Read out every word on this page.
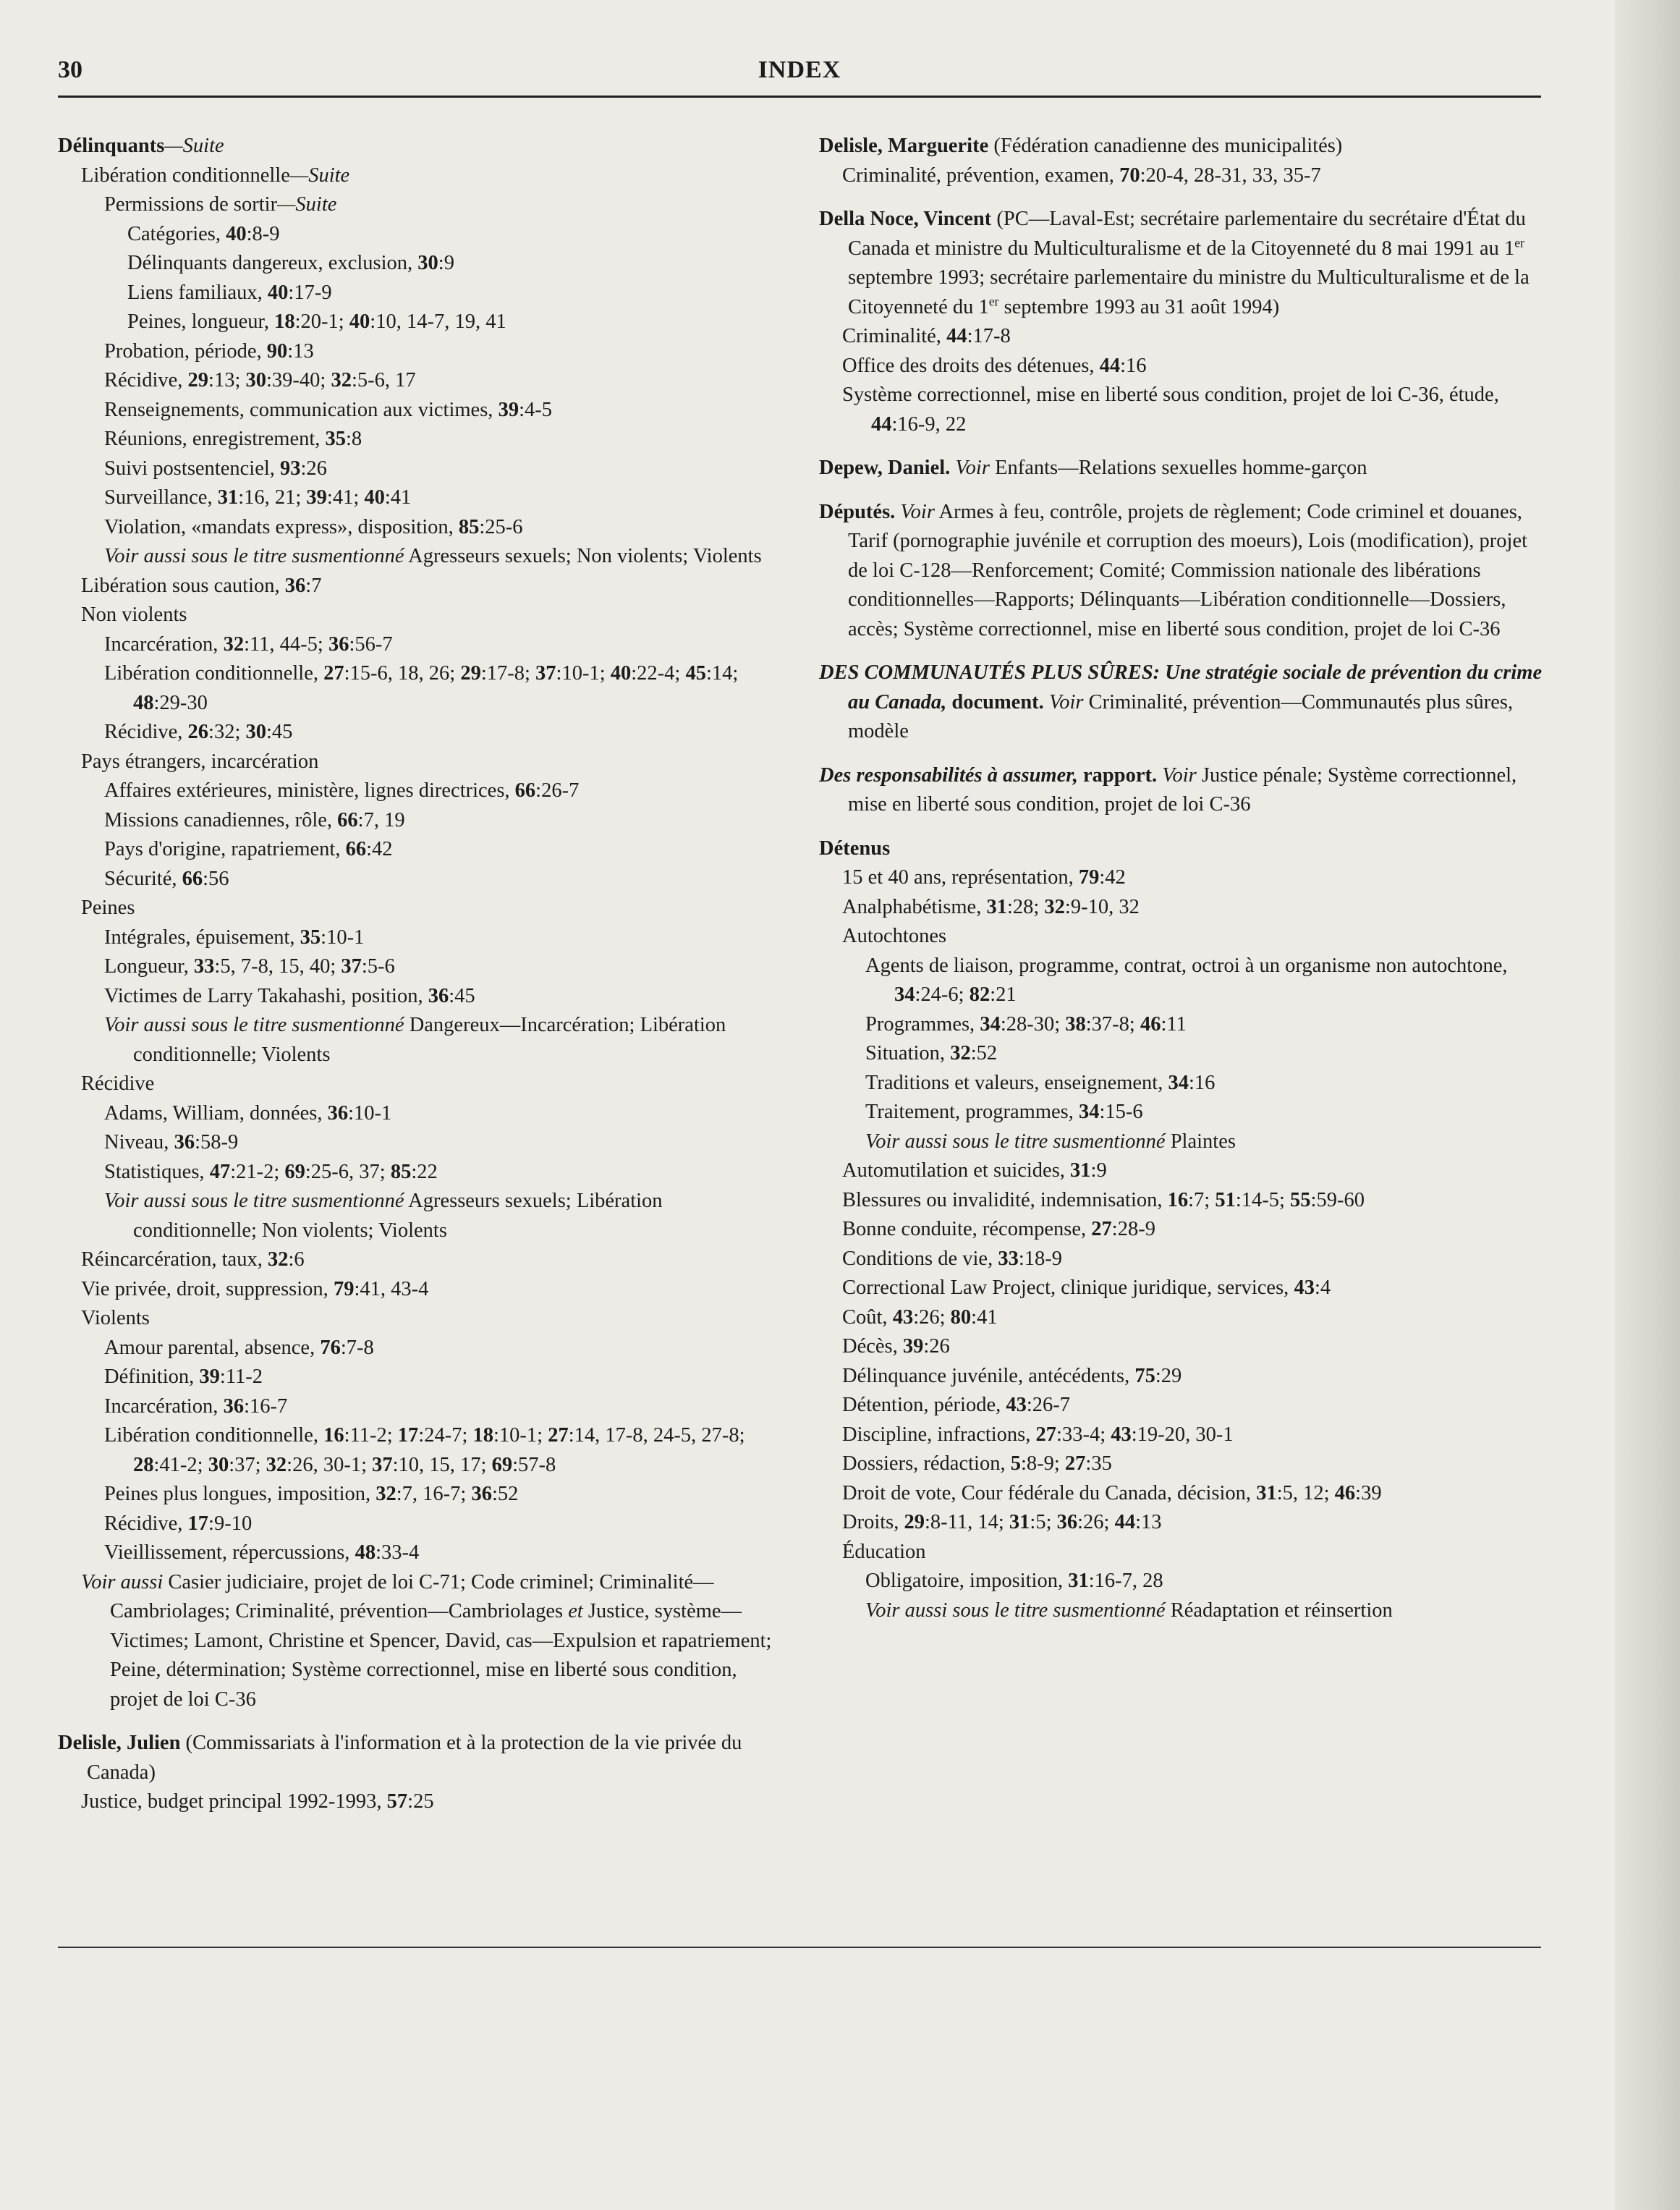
30	INDEX

Délinquants—Suite

Libération conditionnelle—Suite

Permissions de sortir—Suite

Catégories, 40:8-9

Délinquants dangereux, exclusion, 30:9

Liens familiaux, 40:17-9

Peines, longueur, 18:20-1; 40:10, 14-7, 19, 41

Probation, période, 90:13

Récidive, 29:13; 30:39-40; 32:5-6, 17

Renseignements, communication aux victimes, 39:4-5

Réunions, enregistrement, 35:8

Suivi postsentenciel, 93:26

Surveillance, 31:16, 21; 39:41; 40:41

Violation, «mandats express», disposition, 85:25-6

Voir aussi sous le titre susmentionné Agresseurs sexuels; Non violents; Violents

Libération sous caution, 36:7

Non violents

Incarcération, 32:11, 44-5; 36:56-7

Libération conditionnelle, 27:15-6, 18, 26; 29:17-8; 37:10-1; 40:22-4; 45:14; 48:29-30

Récidive, 26:32; 30:45

Pays étrangers, incarcération

Affaires extérieures, ministère, lignes directrices, 66:26-7

Missions canadiennes, rôle, 66:7, 19

Pays d'origine, rapatriement, 66:42

Sécurité, 66:56

Peines

Intégrales, épuisement, 35:10-1

Longueur, 33:5, 7-8, 15, 40; 37:5-6

Victimes de Larry Takahashi, position, 36:45

Voir aussi sous le titre susmentionné Dangereux—Incarcération; Libération conditionnelle; Violents

Récidive

Adams, William, données, 36:10-1

Niveau, 36:58-9

Statistiques, 47:21-2; 69:25-6, 37; 85:22

Voir aussi sous le titre susmentionné Agresseurs sexuels; Libération conditionnelle; Non violents; Violents

Réincarcération, taux, 32:6

Vie privée, droit, suppression, 79:41, 43-4

Violents

Amour parental, absence, 76:7-8

Définition, 39:11-2

Incarcération, 36:16-7

Libération conditionnelle, 16:11-2; 17:24-7; 18:10-1; 27:14, 17-8, 24-5, 27-8; 28:41-2; 30:37; 32:26, 30-1; 37:10, 15, 17; 69:57-8

Peines plus longues, imposition, 32:7, 16-7; 36:52

Récidive, 17:9-10

Vieillissement, répercussions, 48:33-4

Voir aussi Casier judiciaire, projet de loi C-71; Code criminel; Criminalité—Cambriolages; Criminalité, prévention—Cambriolages et Justice, système—Victimes; Lamont, Christine et Spencer, David, cas—Expulsion et rapatriement; Peine, détermination; Système correctionnel, mise en liberté sous condition, projet de loi C-36

Delisle, Julien (Commissariats à l'information et à la protection de la vie privée du Canada)

Justice, budget principal 1992-1993, 57:25

Delisle, Marguerite (Fédération canadienne des municipalités)

Criminalité, prévention, examen, 70:20-4, 28-31, 33, 35-7

Della Noce, Vincent (PC—Laval-Est; secrétaire parlementaire du secrétaire d'État du Canada et ministre du Multiculturalisme et de la Citoyenneté du 8 mai 1991 au 1er septembre 1993; secrétaire parlementaire du ministre du Multiculturalisme et de la Citoyenneté du 1er septembre 1993 au 31 août 1994)

Criminalité, 44:17-8

Office des droits des détenues, 44:16

Système correctionnel, mise en liberté sous condition, projet de loi C-36, étude, 44:16-9, 22

Depew, Daniel. Voir Enfants—Relations sexuelles homme-garçon

Députés. Voir Armes à feu, contrôle, projets de règlement; Code criminel et douanes, Tarif (pornographie juvénile et corruption des moeurs), Lois (modification), projet de loi C-128—Renforcement; Comité; Commission nationale des libérations conditionnelles—Rapports; Délinquants—Libération conditionnelle—Dossiers, accès; Système correctionnel, mise en liberté sous condition, projet de loi C-36

DES COMMUNAUTÉS PLUS SÛRES: Une stratégie sociale de prévention du crime au Canada, document. Voir Criminalité, prévention—Communautés plus sûres, modèle

Des responsabilités à assumer, rapport. Voir Justice pénale; Système correctionnel, mise en liberté sous condition, projet de loi C-36

Détenus

15 et 40 ans, représentation, 79:42

Analphabétisme, 31:28; 32:9-10, 32

Autochtones

Agents de liaison, programme, contrat, octroi à un organisme non autochtone, 34:24-6; 82:21

Programmes, 34:28-30; 38:37-8; 46:11

Situation, 32:52

Traditions et valeurs, enseignement, 34:16

Traitement, programmes, 34:15-6

Voir aussi sous le titre susmentionné Plaintes

Automutilation et suicides, 31:9

Blessures ou invalidité, indemnisation, 16:7; 51:14-5; 55:59-60

Bonne conduite, récompense, 27:28-9

Conditions de vie, 33:18-9

Correctional Law Project, clinique juridique, services, 43:4

Coût, 43:26; 80:41

Décès, 39:26

Délinquance juvénile, antécédents, 75:29

Détention, période, 43:26-7

Discipline, infractions, 27:33-4; 43:19-20, 30-1

Dossiers, rédaction, 5:8-9; 27:35

Droit de vote, Cour fédérale du Canada, décision, 31:5, 12; 46:39

Droits, 29:8-11, 14; 31:5; 36:26; 44:13

Éducation

Obligatoire, imposition, 31:16-7, 28

Voir aussi sous le titre susmentionné Réadaptation et réinsertion
